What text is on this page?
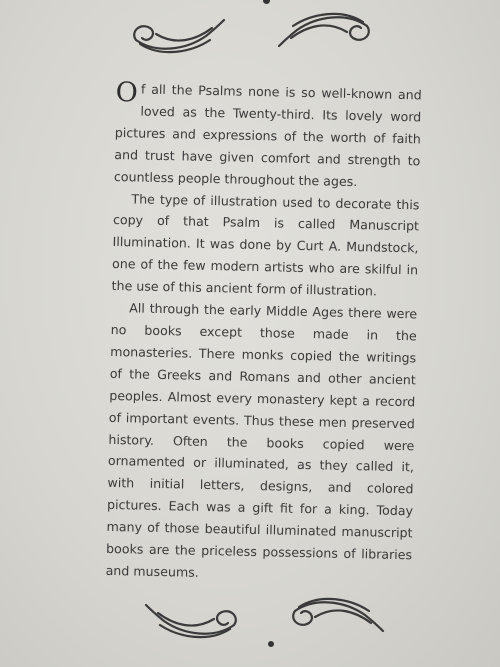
Of all the Psalms none is so well-known and loved as the Twenty-third. Its lovely word pictures and expressions of the worth of faith and trust have given comfort and strength to countless people throughout the ages.

The type of illustration used to decorate this copy of that Psalm is called Manuscript Illumination. It was done by Curt A. Mundstock, one of the few modern artists who are skilful in the use of this ancient form of illustration.

All through the early Middle Ages there were no books except those made in the monasteries. There monks copied the writings of the Greeks and Romans and other ancient peoples. Almost every monastery kept a record of important events. Thus these men preserved history. Often the books copied were ornamented or illuminated, as they called it, with initial letters, designs, and colored pictures. Each was a gift fit for a king. Today many of those beautiful illuminated manuscript books are the priceless possessions of libraries and museums.
